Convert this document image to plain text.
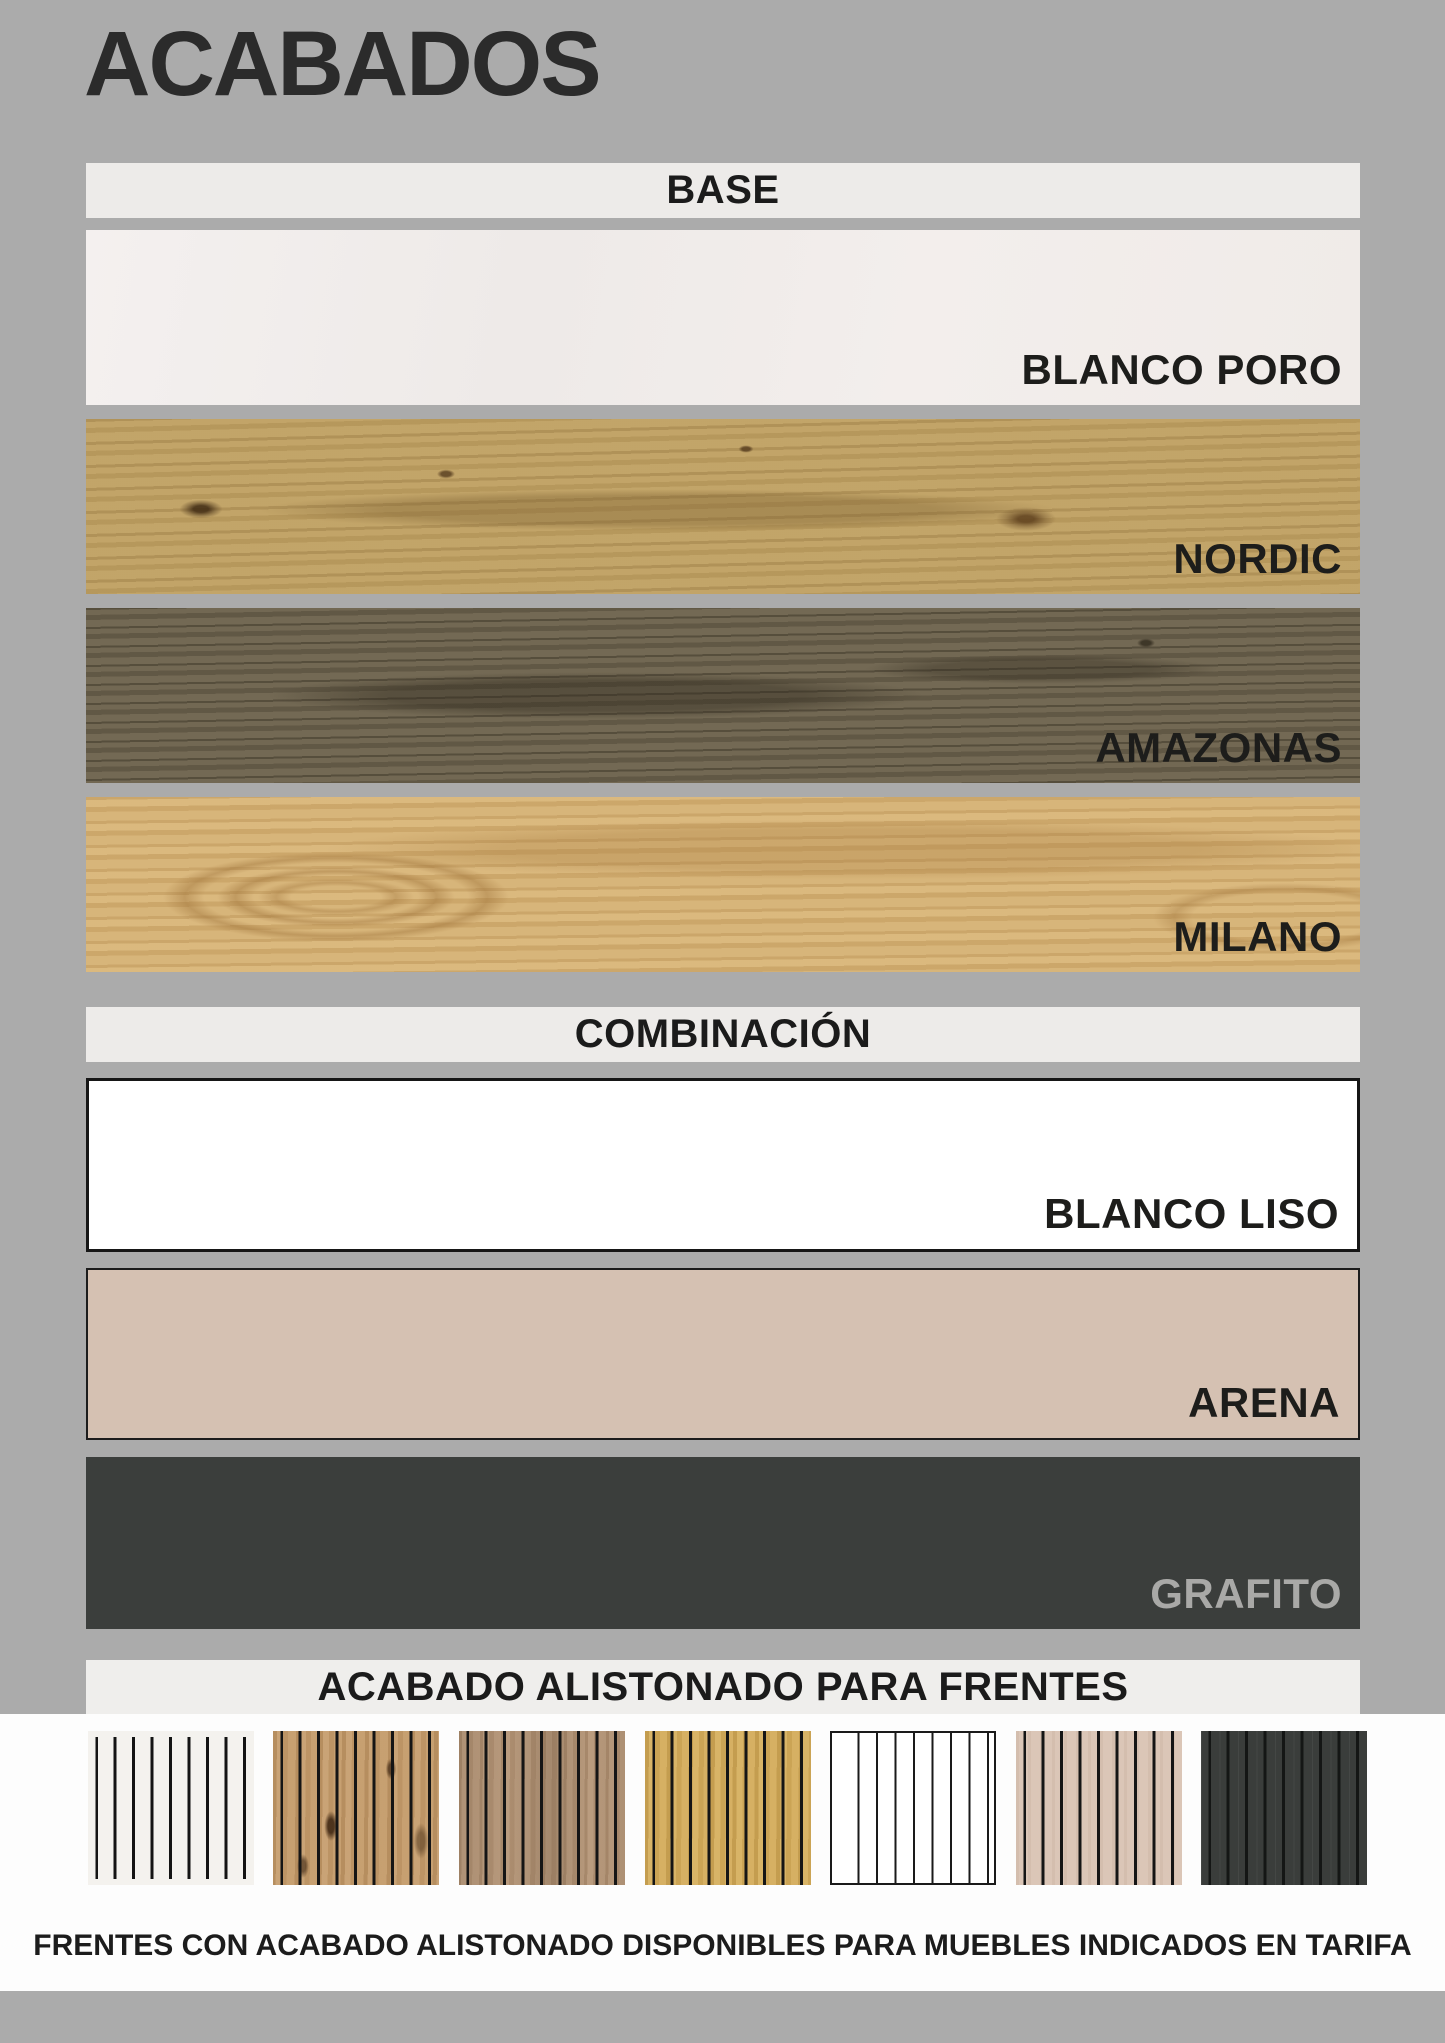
ACABADOS
BASE
BLANCO PORO
NORDIC
AMAZONAS
MILANO
COMBINACIÓN
BLANCO LISO
ARENA
GRAFITO
ACABADO ALISTONADO PARA FRENTES
FRENTES CON ACABADO ALISTONADO DISPONIBLES PARA MUEBLES INDICADOS EN TARIFA
